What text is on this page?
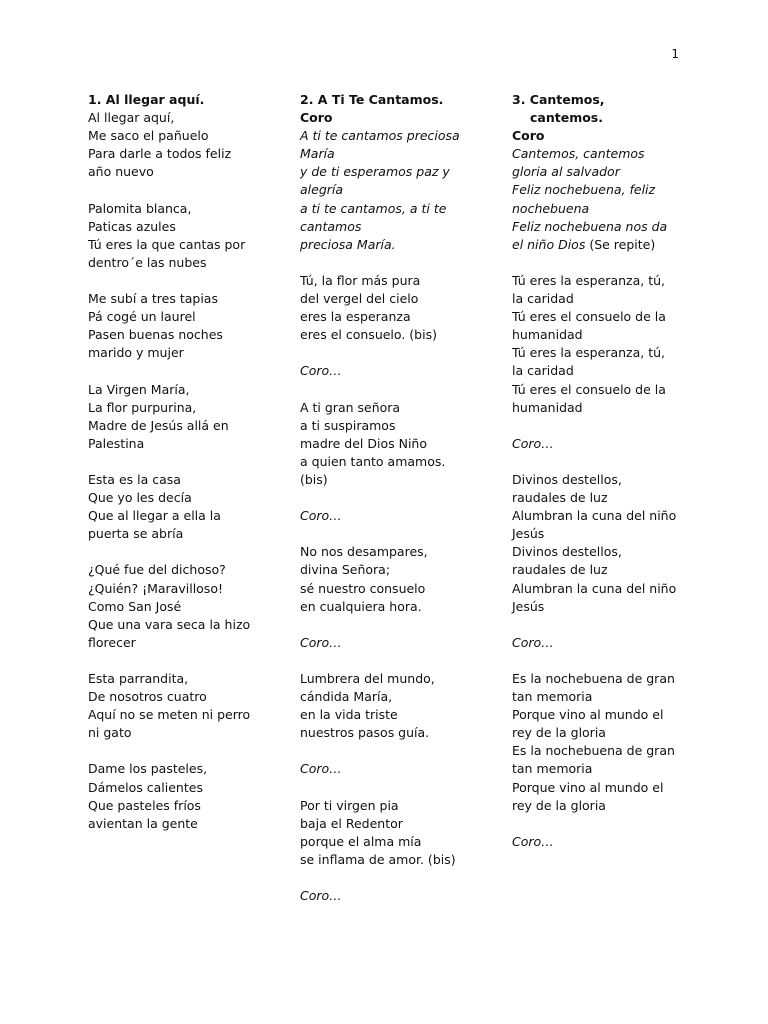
1
1. Al llegar aquí.
Al llegar aquí,
Me saco el pañuelo
Para darle a todos feliz
año nuevo
Palomita blanca,
Paticas azules
Tú eres la que cantas por
dentro´e las nubes
Me subí a tres tapias
Pá cogé un laurel
Pasen buenas noches
marido y mujer
La Virgen María,
La flor purpurina,
Madre de Jesús allá en
Palestina
Esta es la casa
Que yo les decía
Que al llegar a ella la
puerta se abría
¿Qué fue del dichoso?
¿Quién? ¡Maravilloso!
Como San José
Que una vara seca la hizo
florecer
Esta parrandita,
De nosotros cuatro
Aquí no se meten ni perro
ni gato
Dame los pasteles,
Dámelos calientes
Que pasteles fríos
avientan la gente
2. A Ti Te Cantamos.
Coro
A ti te cantamos preciosa
María
y de ti esperamos paz y
alegría
a ti te cantamos, a ti te
cantamos
preciosa María.
Tú, la flor más pura
del vergel del cielo
eres la esperanza
eres el consuelo. (bis)
Coro…
A ti gran señora
a ti suspiramos
madre del Dios Niño
a quien tanto amamos.
(bis)
Coro…
No nos desampares,
divina Señora;
sé nuestro consuelo
en cualquiera hora.
Coro…
Lumbrera del mundo,
cándida María,
en la vida triste
nuestros pasos guía.
Coro…
Por ti virgen pia
baja el Redentor
porque el alma mía
se inflama de amor. (bis)
Coro…
3. Cantemos,
cantemos.
Coro
Cantemos, cantemos
gloria al salvador
Feliz nochebuena, feliz
nochebuena
Feliz nochebuena nos da
el niño Dios (Se repite)
Tú eres la esperanza, tú,
la caridad
Tú eres el consuelo de la
humanidad
Tú eres la esperanza, tú,
la caridad
Tú eres el consuelo de la
humanidad
Coro…
Divinos destellos,
raudales de luz
Alumbran la cuna del niño
Jesús
Divinos destellos,
raudales de luz
Alumbran la cuna del niño
Jesús
Coro…
Es la nochebuena de gran
tan memoria
Porque vino al mundo el
rey de la gloria
Es la nochebuena de gran
tan memoria
Porque vino al mundo el
rey de la gloria
Coro…
